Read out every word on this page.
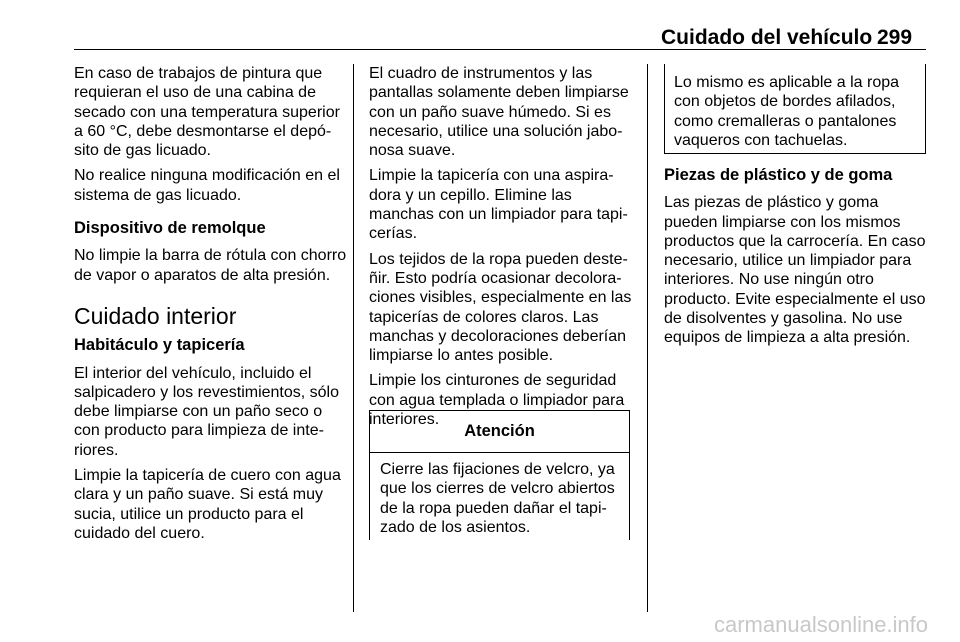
Cuidado del vehículo 299

En caso de trabajos de pintura que
requieran el uso de una cabina de
secado con una temperatura superior
a 60 °C, debe desmontarse el depó‐
sito de gas licuado.

No realice ninguna modificación en el
sistema de gas licuado.

Dispositivo de remolque

No limpie la barra de rótula con chorro
de vapor o aparatos de alta presión.

Cuidado interior
Habitáculo y tapicería

El interior del vehículo, incluido el
salpicadero y los revestimientos, sólo
debe limpiarse con un paño seco o
con producto para limpieza de inte‐
riores.

Limpie la tapicería de cuero con agua
clara y un paño suave. Si está muy
sucia, utilice un producto para el
cuidado del cuero.

El cuadro de instrumentos y las
pantallas solamente deben limpiarse
con un paño suave húmedo. Si es
necesario, utilice una solución jabo‐
nosa suave.

Limpie la tapicería con una aspira‐
dora y un cepillo. Elimine las
manchas con un limpiador para tapi‐
cerías.

Los tejidos de la ropa pueden deste‐
ñir. Esto podría ocasionar decolora‐
ciones visibles, especialmente en las
tapicerías de colores claros. Las
manchas y decoloraciones deberían
limpiarse lo antes posible.

Limpie los cinturones de seguridad
con agua templada o limpiador para
interiores.

Atención
Cierre las fijaciones de velcro, ya
que los cierres de velcro abiertos
de la ropa pueden dañar el tapi‐
zado de los asientos.
Lo mismo es aplicable a la ropa
con objetos de bordes afilados,
como cremalleras o pantalones
vaqueros con tachuelas.
Piezas de plástico y de goma

Las piezas de plástico y goma
pueden limpiarse con los mismos
productos que la carrocería. En caso
necesario, utilice un limpiador para
interiores. No use ningún otro
producto. Evite especialmente el uso
de disolventes y gasolina. No use
equipos de limpieza a alta presión.

carmanualsonline.info
